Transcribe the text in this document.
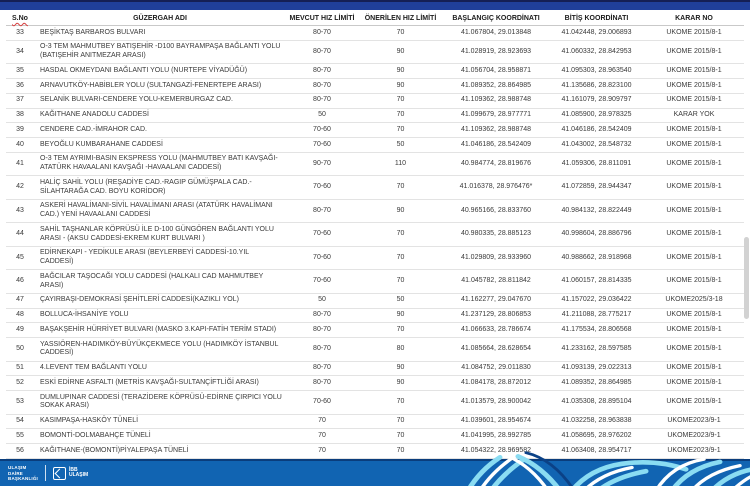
S.No	GÜZERGAH ADI	MEVCUT HIZ LİMİTİ	ÖNERİLEN HIZ LİMİTİ	BAŞLANGIÇ KOORDİNATI	BİTİŞ KOORDİNATI	KARAR NO
33	BEŞİKTAŞ BARBAROS BULVARI	80-70	70	41.067804, 29.013848	41.042448, 29.006893	UKOME 2015/8-1
34	O-3 TEM MAHMUTBEY BATIŞEHİR -D100 BAYRAMPAŞA BAĞLANTI YOLU (BATIŞEHİR ANITMEZAR ARASI)	80-70	90	41.028919, 28.923693	41.060332, 28.842953	UKOME 2015/8-1
35	HASDAL OKMEYDANI BAĞLANTI YOLU (NURTEPE VİYADÜĞÜ)	80-70	90	41.056704, 28.958871	41.095303, 28.963540	UKOME 2015/8-1
36	ARNAVUTKÖY-HABİBLER YOLU (SULTANGAZİ-FENERTEPE ARASI)	80-70	90	41.089352, 28.864985	41.135686, 28.823100	UKOME 2015/8-1
37	SELANİK BULVARI-CENDERE YOLU-KEMERBURGAZ CAD.	80-70	70	41.109362, 28.988748	41.161079, 28.909797	UKOME 2015/8-1
38	KAĞITHANE ANADOLU CADDESİ	50	70	41.099679, 28.977771	41.085900, 28.978325	KARAR YOK
39	CENDERE CAD.-İMRAHOR CAD.	70-60	70	41.109362, 28.988748	41.046186, 28.542409	UKOME 2015/8-1
40	BEYOĞLU KUMBARAHANE CADDESİ	70-60	50	41.046186, 28.542409	41.043002, 28.548732	UKOME 2015/8-1
41	O-3 TEM AYRIMI-BASIN EKSPRESS YOLU (MAHMUTBEY BATI KAVŞAĞI-ATATÜRK HAVAALANI KAVŞAĞI -HAVAALANI CADDESİ)	90-70	110	40.984774, 28.819676	41.059306, 28.811091	UKOME 2015/8-1
42	HALİÇ SAHİL YOLU (REŞADİYE CAD.-RAGIP GÜMÜŞPALA CAD.-SİLAHTARAĞA CAD. BOYU KORİDOR)	70-60	70	41.016378, 28.976476*	41.072859, 28.944347	UKOME 2015/8-1
43	ASKERİ HAVALİMANI-SİVİL HAVALİMANI ARASI (ATATÜRK HAVALİMANI CAD.) YENİ HAVAALANI CADDESİ	80-70	90	40.965166, 28.833760	40.984132, 28.822449	UKOME 2015/8-1
44	SAHİL TAŞHANLAR KÖPRÜSÜ İLE D-100 GÜNGÖREN BAĞLANTI YOLU ARASI - (AKSU CADDESİ-EKREM KURT BULVARI )	70-60	70	40.980335, 28.885123	40.998604, 28.886796	UKOME 2015/8-1
45	EDİRNEKAPI - YEDİKULE ARASI (BEYLERBEYİ CADDESİ-10.YIL CADDESİ)	70-60	70	41.029809, 28.933960	40.988662, 28.918968	UKOME 2015/8-1
46	BAĞCILAR TAŞOCAĞI YOLU CADDESİ (HALKALI CAD MAHMUTBEY ARASI)	70-60	70	41.045782, 28.811842	41.060157, 28.814335	UKOME 2015/8-1
47	ÇAYIRBAŞI-DEMOKRASİ ŞEHİTLERİ CADDESİ(KAZIKLI YOL)	50	50	41.162277, 29.047670	41.157022, 29.036422	UKOME2025/3-18
48	BOLLUCA-İHSANİYE YOLU	80-70	90	41.237129, 28.806853	41.211088, 28.775217	UKOME 2015/8-1
49	BAŞAKŞEHİR HÜRRİYET BULVARI (MASKO 3.KAPI-FATİH TERİM STADI)	80-70	70	41.066633, 28.786674	41.175534, 28.806568	UKOME 2015/8-1
50	YASSIÖREN-HADIMKÖY-BÜYÜKÇEKMECE YOLU (HADIMKÖY İSTANBUL CADDESİ)	80-70	80	41.085664, 28.628654	41.233162, 28.597585	UKOME 2015/8-1
51	4.LEVENT TEM BAĞLANTI YOLU	80-70	90	41.084752, 29.011830	41.093139, 29.022313	UKOME 2015/8-1
52	ESKİ EDİRNE ASFALTI (METRİS KAVŞAĞI-SULTANÇİFTLİĞİ ARASI)	80-70	90	41.084178, 28.872012	41.089352, 28.864985	UKOME 2015/8-1
53	DUMLUPINAR CADDESİ (TERAZİDERE KÖPRÜSÜ-EDİRNE ÇIRPICI YOLU SOKAK ARASI)	70-60	70	41.013579, 28.900042	41.035308, 28.895104	UKOME 2015/8-1
54	KASIMPAŞA-HASKÖY TÜNELİ	70	70	41.039601, 28.954674	41.032258, 28.963838	UKOME2023/9-1
55	BOMONTİ-DOLMABAHÇE TÜNELİ	70	70	41.041995, 28.992785	41.058695, 28.976202	UKOME2023/9-1
56	KAĞITHANE-(BOMONTİ)PİYALEPAŞA TÜNELİ	70	70	41.054322, 28.969582	41.063408, 28.954717	UKOME2023/9-1
ULAŞIM
DAİRE
BAŞKANLIĞI
İBB
ULAŞIM
